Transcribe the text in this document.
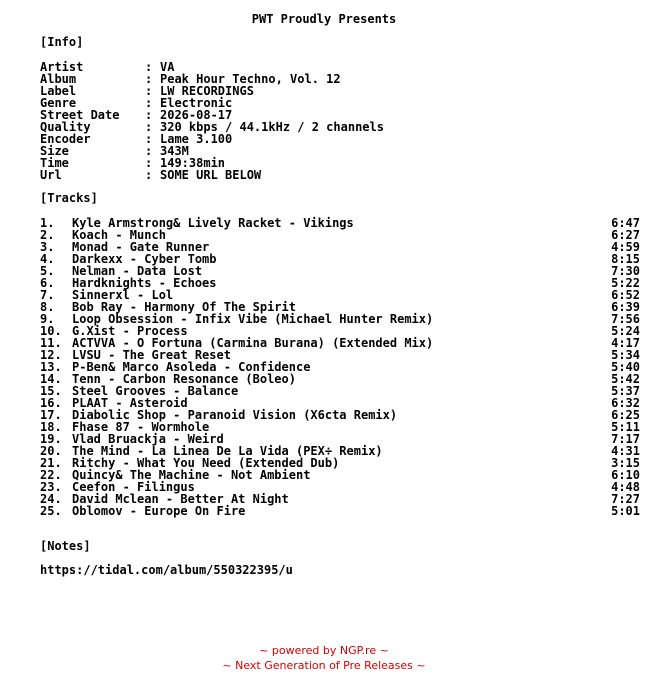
PWT Proudly Presents
[Info]
Artist	: VA
Album	: Peak Hour Techno, Vol. 12
Label	: LW RECORDINGS
Genre	: Electronic
Street Date : 2026-08-17
Quality	: 320 kbps / 44.1kHz / 2 channels
Encoder	: Lame 3.100
Size	: 343M
Time	: 149:38min
Url	: SOME URL BELOW
[Tracks]
1. Kyle Armstrong& Lively Racket - Vikings	6:47
2. Koach - Munch	6:27
3. Monad - Gate Runner	4:59
4. Darkexx - Cyber Tomb	8:15
5. Nelman - Data Lost	7:30
6. Hardknights - Echoes	5:22
7. Sinnerxl - Lol	6:52
8. Bob Ray - Harmony Of The Spirit	6:39
9. Loop Obsession - Infix Vibe (Michael Hunter Remix)	7:56
10. G.Xist - Process	5:24
11. ACTVVA - O Fortuna (Carmina Burana) (Extended Mix)	4:17
12. LVSU - The Great Reset	5:34
13. P-Ben& Marco Asoleda - Confidence	5:40
14. Tenn - Carbon Resonance (Boleo)	5:42
15. Steel Grooves - Balance	5:37
16. PLAAT - Asteroid	6:32
17. Diabolic Shop - Paranoid Vision (X6cta Remix)	6:25
18. Fhase 87 - Wormhole	5:11
19. Vlad Bruackja - Weird	7:17
20. The Mind - La Linea De La Vida (PEX÷ Remix)	4:31
21. Ritchy - What You Need (Extended Dub)	3:15
22. Quincy& The Machine - Not Ambient	6:10
23. Ceefon - Filingus	4:48
24. David Mclean - Better At Night	7:27
25. Oblomov - Europe On Fire	5:01
[Notes]
https://tidal.com/album/550322395/u
~ powered by NGP.re ~
~ Next Generation of Pre Releases ~
